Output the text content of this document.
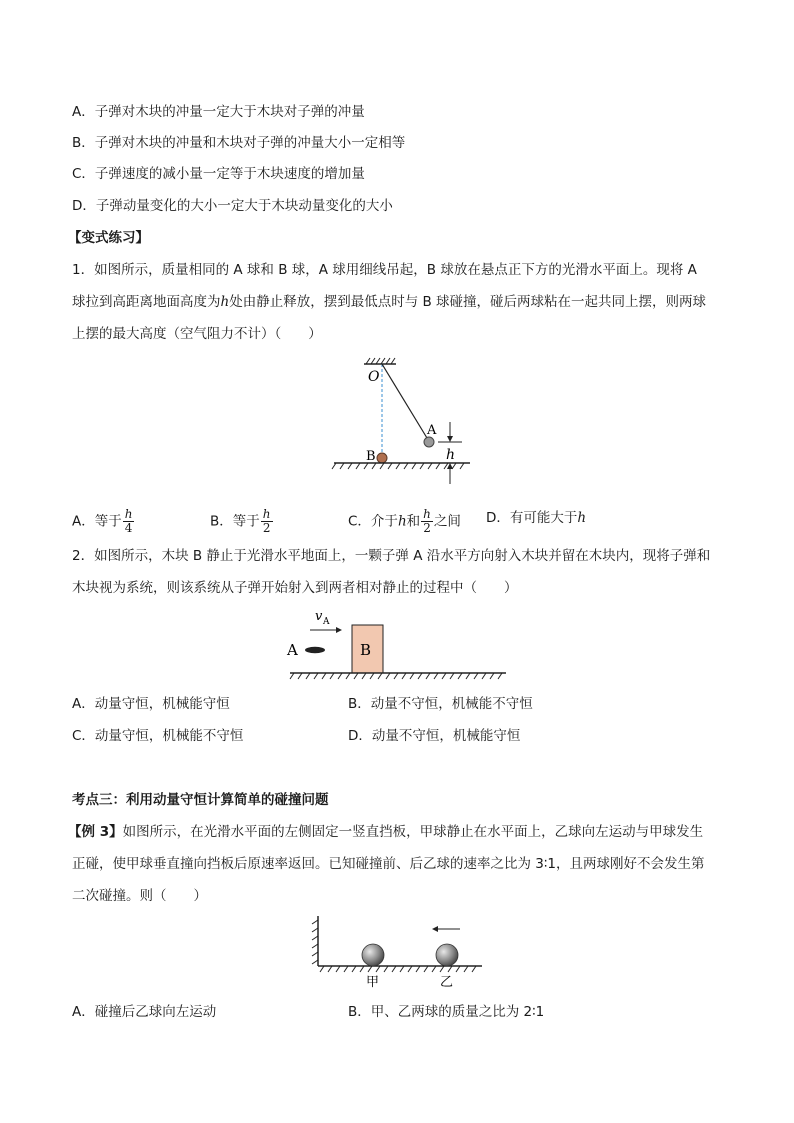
A．子弹对木块的冲量一定大于木块对子弹的冲量
B．子弹对木块的冲量和木块对子弹的冲量大小一定相等
C．子弹速度的减小量一定等于木块速度的增加量
D．子弹动量变化的大小一定大于木块动量变化的大小
【变式练习】
1．如图所示，质量相同的 A 球和 B 球，A 球用细线吊起，B 球放在悬点正下方的光滑水平面上。现将 A
球拉到高距离地面高度为h处由静止释放，摆到最低点时与 B 球碰撞，碰后两球粘在一起共同上摆，则两球
上摆的最大高度（空气阻力不计）（　　）
O
A
B	h
A．等于 $\frac{h}{4}$	B．等于 $\frac{h}{2}$	C．介于h和 $\frac{h}{2}$ 之间 D．有可能大于h
2．如图所示，木块 B 静止于光滑水平地面上，一颗子弹 A 沿水平方向射入木块并留在木块内，现将子弹和
木块视为系统，则该系统从子弹开始射入到两者相对静止的过程中（　　）
v A
A	B
A．动量守恒，机械能守恒	B．动量不守恒，机械能不守恒
C．动量守恒，机械能不守恒	D．动量不守恒，机械能守恒
考点三：利用动量守恒计算简单的碰撞问题
【例 3】如图所示，在光滑水平面的左侧固定一竖直挡板，甲球静止在水平面上，乙球向左运动与甲球发生
正碰，使甲球垂直撞向挡板后原速率返回。已知碰撞前、后乙球的速率之比为 3∶1，且两球刚好不会发生第
二次碰撞。则（　　）
甲	乙
A．碰撞后乙球向左运动	B．甲、乙两球的质量之比为 2∶1
